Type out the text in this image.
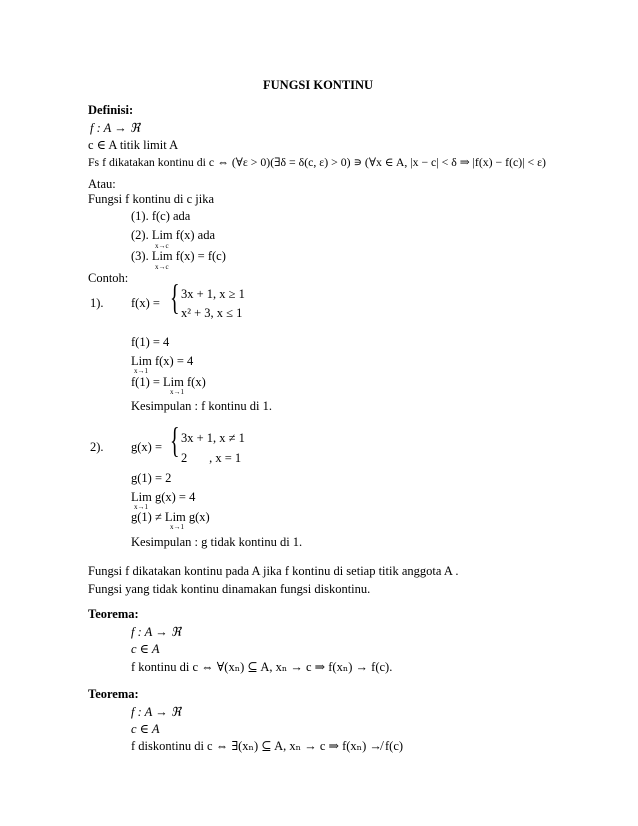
FUNGSI KONTINU
Definisi:
f : A → ℜ
c ∈ A titik limit A
Fs f dikatakan kontinu di c ⇔ (∀ε > 0)(∃δ = δ(c, ε) > 0) ∍ (∀x ∈ A, |x − c| < δ ⇒ |f(x) − f(c)| < ε)
Atau:
Fungsi f kontinu di c jika
(1). f(c) ada
(2). Lim f(x) ada
x→c
(3). Lim f(x) = f(c)
x→c
Contoh:
1). f(x) = { 3x + 1, x ≥ 1
x² + 3, x ≤ 1
f(1) = 4
Lim f(x) = 4
x→1
f(1) = Lim f(x)
x→1
Kesimpulan : f kontinu di 1.
2). g(x) = { 3x + 1, x ≠ 1
2       , x = 1
g(1) = 2
Lim g(x) = 4
x→1
g(1) ≠ Lim g(x)
x→1
Kesimpulan : g tidak kontinu di 1.
Fungsi f dikatakan kontinu pada A jika f kontinu di setiap titik anggota A .
Fungsi yang tidak kontinu dinamakan fungsi diskontinu.
Teorema:
f : A → ℜ
c ∈ A
f kontinu di c ⇔ ∀(xₙ) ⊆ A, xₙ → c ⇒ f(xₙ) → f(c).
Teorema:
f : A → ℜ
c ∈ A
f diskontinu di c ⇔ ∃(xₙ) ⊆ A, xₙ → c ⇒ f(xₙ) ↛ f(c)
